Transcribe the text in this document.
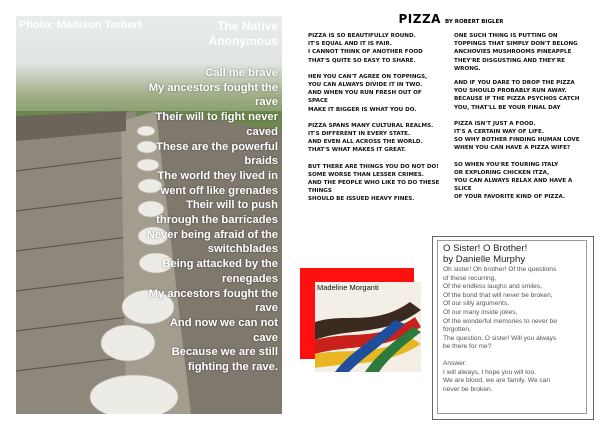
Photo: Madison Tarbert	The Native
Anonymous
Call me brave
My ancestors fought the
rave
Their will to fight never
caved
These are the powerful
braids
The world they lived in
went off like grenades
Their will to push
through the barricades
Never being afraid of the
switchblades
Being attacked by the
renegades
My ancestors fought the
rave
And now we can not
cave
Because we are still
fighting the rave.
PIZZA BY ROBERT BIGLER
PIZZA IS SO BEAUTIFULLY ROUND.
IT'S EQUAL AND IT IS FAIR.
I CANNOT THINK OF ANOTHER FOOD
THAT'S QUITE SO EASY TO SHARE.
HEN YOU CAN'T AGREE ON TOPPINGS,
YOU CAN ALWAYS DIVIDE IT IN TWO.
AND WHEN YOU RUN FRESH OUT OF
SPACE
MAKE IT BIGGER IS WHAT YOU DO.
PIZZA SPANS MANY CULTURAL REALMS.
IT'S DIFFERENT IN EVERY STATE.
AND EVEN ALL ACROSS THE WORLD.
THAT'S WHAT MAKES IT GREAT.
BUT THERE ARE THINGS YOU DO NOT DO!
SOME WORSE THAN LESSER CRIMES.
AND THE PEOPLE WHO LIKE TO DO THESE
THINGS
SHOULD BE ISSUED HEAVY FINES.
ONE SUCH THING IS PUTTING ON
TOPPINGS THAT SIMPLY DON'T BELONG
ANCHOVIES MUSHROOMS PINEAPPLE
THEY'RE DISGUSTING AND THEY'RE
WRONG.
AND IF YOU DARE TO DROP THE PIZZA
YOU SHOULD PROBABLY RUN AWAY.
BECAUSE IF THE PIZZA PSYCHOS CATCH
YOU, THAT'LL BE YOUR FINAL DAY
PIZZA ISN'T JUST A FOOD.
IT'S A CERTAIN WAY OF LIFE.
SO WHY BOTHER FINDING HUMAN LOVE
WHEN YOU CAN HAVE A PIZZA WIFE?
SO WHEN YOU'RE TOURING ITALY
OR EXPLORING CHICKEN ITZA,
YOU CAN ALWAYS RELAX AND HAVE A
SLICE
OF YOUR FAVORITE KIND OF PIZZA.
Madeline Morganti
O Sister! O Brother!
by Danielle Murphy
Oh sister! Oh brother! Of the questions
of these recurring,
Of the endless laughs and smiles,
Of the bond that will never be broken,
Of our silly arguments,
Of our many inside jokes,
Of the wonderful memories to never be
forgotten,
The question, O sister! Will you always
be there for me?
Answer:
I will always, I hope you will too.
We are blood, we are family. We can
never be broken.
